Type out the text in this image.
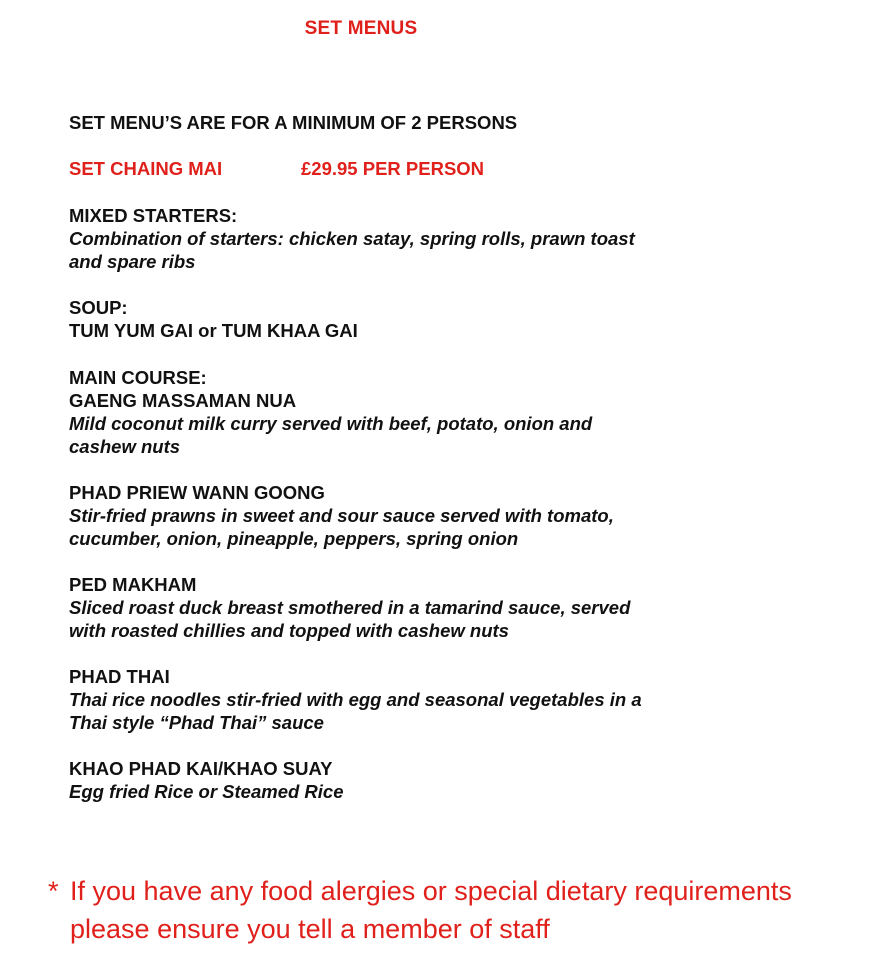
SET MENUS
SET MENU’S ARE FOR A MINIMUM OF 2 PERSONS
SET CHAING MAI	£29.95 PER PERSON
MIXED STARTERS:
Combination of starters: chicken satay, spring rolls, prawn toast
and spare ribs
SOUP:
TUM YUM GAI or TUM KHAA GAI
MAIN COURSE:
GAENG MASSAMAN NUA
Mild coconut milk curry served with beef, potato, onion and
cashew nuts
PHAD PRIEW WANN GOONG
Stir-fried prawns in sweet and sour sauce served with tomato,
cucumber, onion, pineapple, peppers, spring onion
PED MAKHAM
Sliced roast duck breast smothered in a tamarind sauce, served
with roasted chillies and topped with cashew nuts
PHAD THAI
Thai rice noodles stir-fried with egg and seasonal vegetables in a
Thai style “Phad Thai” sauce
KHAO PHAD KAI/KHAO SUAY
Egg fried Rice or Steamed Rice
* If you have any food alergies or special dietary requirements
please ensure you tell a member of staff
